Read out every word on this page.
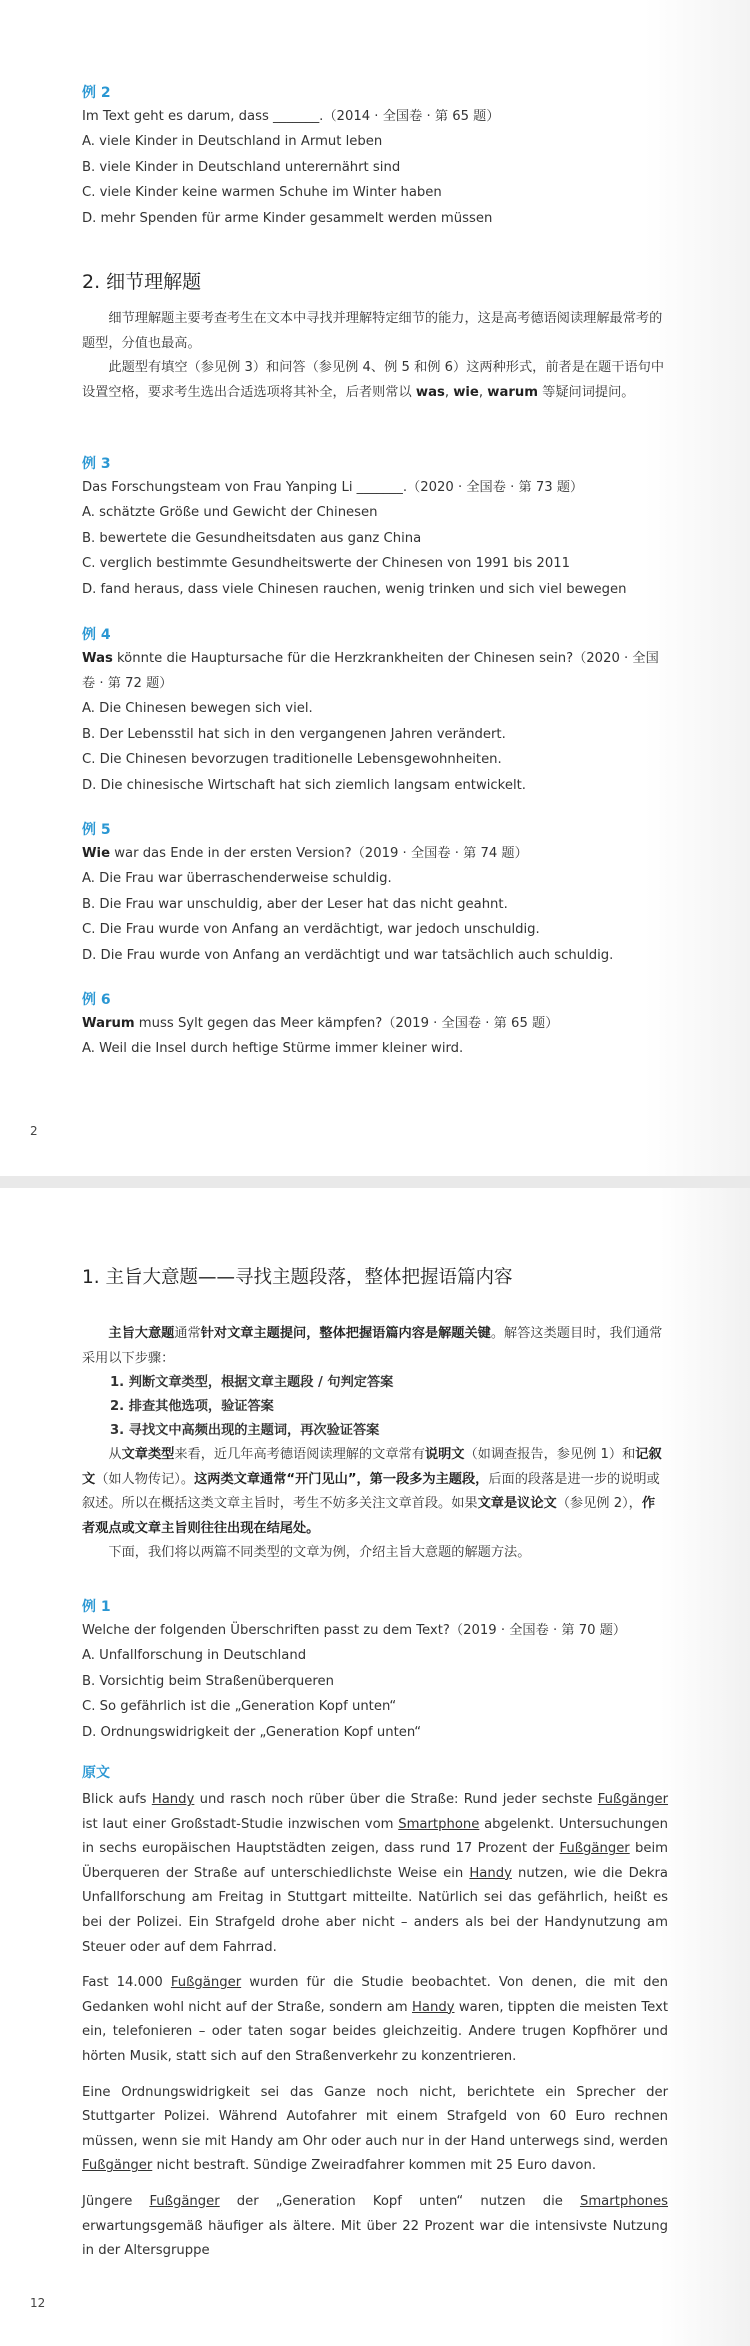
例 2

Im Text geht es darum, dass _______.（2014 · 全国卷 · 第 65 题）

A. viele Kinder in Deutschland in Armut leben

B. viele Kinder in Deutschland unterernährt sind

C. viele Kinder keine warmen Schuhe im Winter haben

D. mehr Spenden für arme Kinder gesammelt werden müssen

2. 细节理解题

细节理解题主要考查考生在文本中寻找并理解特定细节的能力，这是高考德语阅读理解最常考的题型，分值也最高。

此题型有填空（参见例 3）和问答（参见例 4、例 5 和例 6）这两种形式，前者是在题干语句中设置空格，要求考生选出合适选项将其补全，后者则常以 was, wie, warum 等疑问词提问。

例 3

Das Forschungsteam von Frau Yanping Li _______.（2020 · 全国卷 · 第 73 题）

A. schätzte Größe und Gewicht der Chinesen

B. bewertete die Gesundheitsdaten aus ganz China

C. verglich bestimmte Gesundheitswerte der Chinesen von 1991 bis 2011

D. fand heraus, dass viele Chinesen rauchen, wenig trinken und sich viel bewegen

例 4

Was könnte die Hauptursache für die Herzkrankheiten der Chinesen sein?（2020 · 全国卷 · 第 72 题）

A. Die Chinesen bewegen sich viel.

B. Der Lebensstil hat sich in den vergangenen Jahren verändert.

C. Die Chinesen bevorzugen traditionelle Lebensgewohnheiten.

D. Die chinesische Wirtschaft hat sich ziemlich langsam entwickelt.

例 5

Wie war das Ende in der ersten Version?（2019 · 全国卷 · 第 74 题）

A. Die Frau war überraschenderweise schuldig.

B. Die Frau war unschuldig, aber der Leser hat das nicht geahnt.

C. Die Frau wurde von Anfang an verdächtigt, war jedoch unschuldig.

D. Die Frau wurde von Anfang an verdächtigt und war tatsächlich auch schuldig.

例 6

Warum muss Sylt gegen das Meer kämpfen?（2019 · 全国卷 · 第 65 题）

A. Weil die Insel durch heftige Stürme immer kleiner wird.

2
1. 主旨大意题——寻找主题段落，整体把握语篇内容

主旨大意题通常针对文章主题提问，整体把握语篇内容是解题关键。解答这类题目时，我们通常采用以下步骤：

1. 判断文章类型，根据文章主题段 / 句判定答案

2. 排查其他选项，验证答案

3. 寻找文中高频出现的主题词，再次验证答案

从文章类型来看，近几年高考德语阅读理解的文章常有说明文（如调查报告，参见例 1）和记叙文（如人物传记）。这两类文章通常“开门见山”，第一段多为主题段，后面的段落是进一步的说明或叙述。所以在概括这类文章主旨时，考生不妨多关注文章首段。如果文章是议论文（参见例 2），作者观点或文章主旨则往往出现在结尾处。

下面，我们将以两篇不同类型的文章为例，介绍主旨大意题的解题方法。

例 1

Welche der folgenden Überschriften passt zu dem Text?（2019 · 全国卷 · 第 70 题）

A. Unfallforschung in Deutschland

B. Vorsichtig beim Straßenüberqueren

C. So gefährlich ist die „Generation Kopf unten“

D. Ordnungswidrigkeit der „Generation Kopf unten“

原文

Blick aufs Handy und rasch noch rüber über die Straße: Rund jeder sechste Fußgänger ist laut einer Großstadt-Studie inzwischen vom Smartphone abgelenkt. Untersuchungen in sechs europäischen Hauptstädten zeigen, dass rund 17 Prozent der Fußgänger beim Überqueren der Straße auf unterschiedlichste Weise ein Handy nutzen, wie die Dekra Unfallforschung am Freitag in Stuttgart mitteilte. Natürlich sei das gefährlich, heißt es bei der Polizei. Ein Strafgeld drohe aber nicht – anders als bei der Handynutzung am Steuer oder auf dem Fahrrad.

Fast 14.000 Fußgänger wurden für die Studie beobachtet. Von denen, die mit den Gedanken wohl nicht auf der Straße, sondern am Handy waren, tippten die meisten Text ein, telefonieren – oder taten sogar beides gleichzeitig. Andere trugen Kopfhörer und hörten Musik, statt sich auf den Straßenverkehr zu konzentrieren.

Eine Ordnungswidrigkeit sei das Ganze noch nicht, berichtete ein Sprecher der Stuttgarter Polizei. Während Autofahrer mit einem Strafgeld von 60 Euro rechnen müssen, wenn sie mit Handy am Ohr oder auch nur in der Hand unterwegs sind, werden Fußgänger nicht bestraft. Sündige Zweiradfahrer kommen mit 25 Euro davon.

Jüngere Fußgänger der „Generation Kopf unten“ nutzen die Smartphones erwartungsgemäß häufiger als ältere. Mit über 22 Prozent war die intensivste Nutzung in der Altersgruppe

12
